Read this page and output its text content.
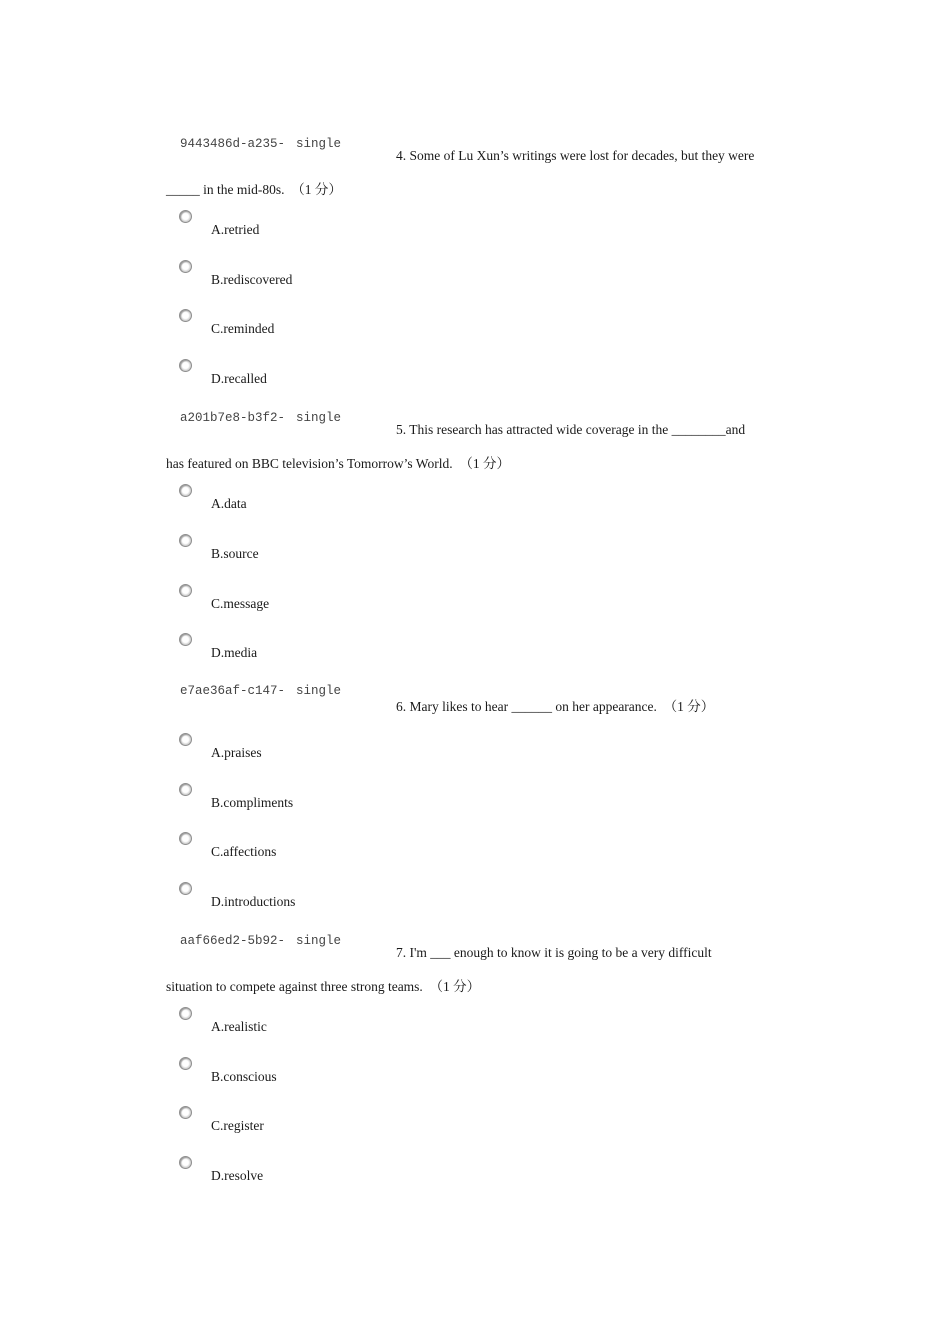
9443486d-a235- single

4. Some of Lu Xun’s writings were lost for decades, but they were

_____ in the mid-80s.  （1 分）

A.retried

B.rediscovered

C.reminded

D.recalled

a201b7e8-b3f2- single

5. This research has attracted wide coverage in the ________and

has featured on BBC television’s Tomorrow’s World.  （1 分）

A.data

B.source

C.message

D.media

e7ae36af-c147- single

6. Mary likes to hear ______ on her appearance.  （1 分）

A.praises

B.compliments

C.affections

D.introductions

aaf66ed2-5b92- single

7. I'm ___ enough to know it is going to be a very difficult

situation to compete against three strong teams.  （1 分）

A.realistic

B.conscious

C.register

D.resolve
